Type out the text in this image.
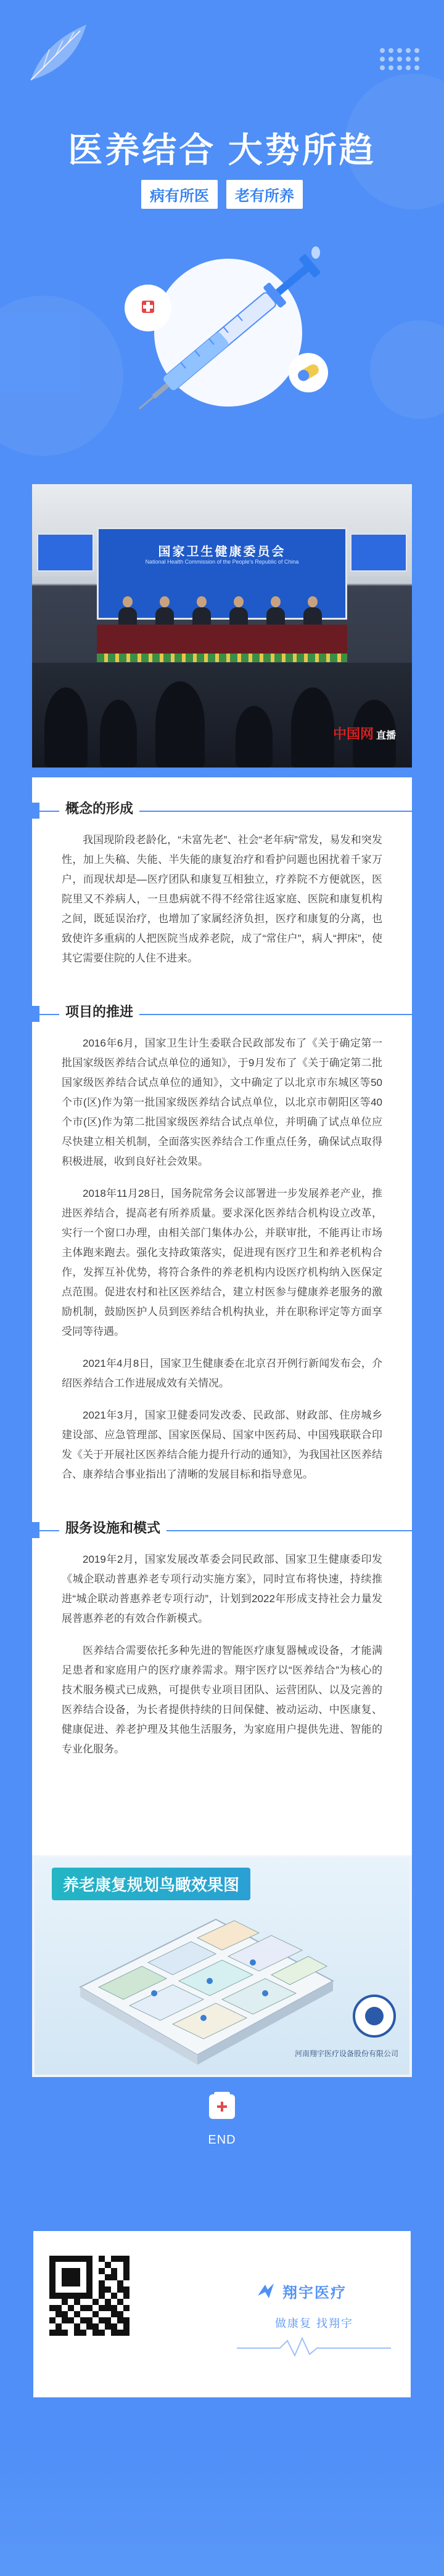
医养结合 大势所趋
病有所医	老有所养
国家卫生健康委员会
National Health Commission of the People's Republic of China
中国网 直播
概念的形成

我国现阶段老龄化，“未富先老”、社会“老年病”常发，易发和突发性，加上失稿、失能、半失能的康复治疗和看护问题也困扰着千家万户，而现状却是—医疗团队和康复互相独立，疗养院不方便就医，医院里又不养病人，一旦患病就不得不经常往返家庭、医院和康复机构之间，既延误治疗，也增加了家属经济负担，医疗和康复的分离，也致使许多重病的人把医院当成养老院，成了“常住户”，病人“押床”，使其它需要住院的人住不进来。

项目的推进

2016年6月，国家卫生计生委联合民政部发布了《关于确定第一批国家级医养结合试点单位的通知》，于9月发布了《关于确定第二批国家级医养结合试点单位的通知》，文中确定了以北京市东城区等50个市(区)作为第一批国家级医养结合试点单位，以北京市朝阳区等40个市(区)作为第二批国家级医养结合试点单位，并明确了试点单位应尽快建立相关机制，全面落实医养结合工作重点任务，确保试点取得积极进展，收到良好社会效果。

2018年11月28日，国务院常务会议部署进一步发展养老产业，推进医养结合，提高老有所养质量。要求深化医养结合机构设立改革，实行一个窗口办理，由相关部门集体办公，并联审批，不能再让市场主体跑来跑去。强化支持政策落实，促进现有医疗卫生和养老机构合作，发挥互补优势，将符合条件的养老机构内设医疗机构纳入医保定点范围。促进农村和社区医养结合，建立村医参与健康养老服务的激励机制，鼓励医护人员到医养结合机构执业，并在职称评定等方面享受同等待遇。

2021年4月8日，国家卫生健康委在北京召开例行新闻发布会，介绍医养结合工作进展成效有关情况。

2021年3月，国家卫健委同发改委、民政部、财政部、住房城乡建设部、应急管理部、国家医保局、国家中医药局、中国残联联合印发《关于开展社区医养结合能力提升行动的通知》，为我国社区医养结合、康养结合事业指出了清晰的发展目标和指导意见。

服务设施和模式

2019年2月，国家发展改革委会同民政部、国家卫生健康委印发《城企联动普惠养老专项行动实施方案》，同时宣布将快速，持续推进“城企联动普惠养老专项行动”，计划到2022年形成支持社会力量发展普惠养老的有效合作新模式。

医养结合需要依托多种先进的智能医疗康复器械或设备，才能满足患者和家庭用户的医疗康养需求。翔宇医疗以“医养结合”为核心的技术服务模式已成熟，可提供专业项目团队、运营团队、以及完善的医养结合设备，为长者提供持续的日间保健、被动运动、中医康复、健康促进、养老护理及其他生活服务，为家庭用户提供先进、智能的专业化服务。

养老康复规划鸟瞰效果图
河南翔宇医疗设备股份有限公司
END
翔宇医疗
做康复 找翔宇
